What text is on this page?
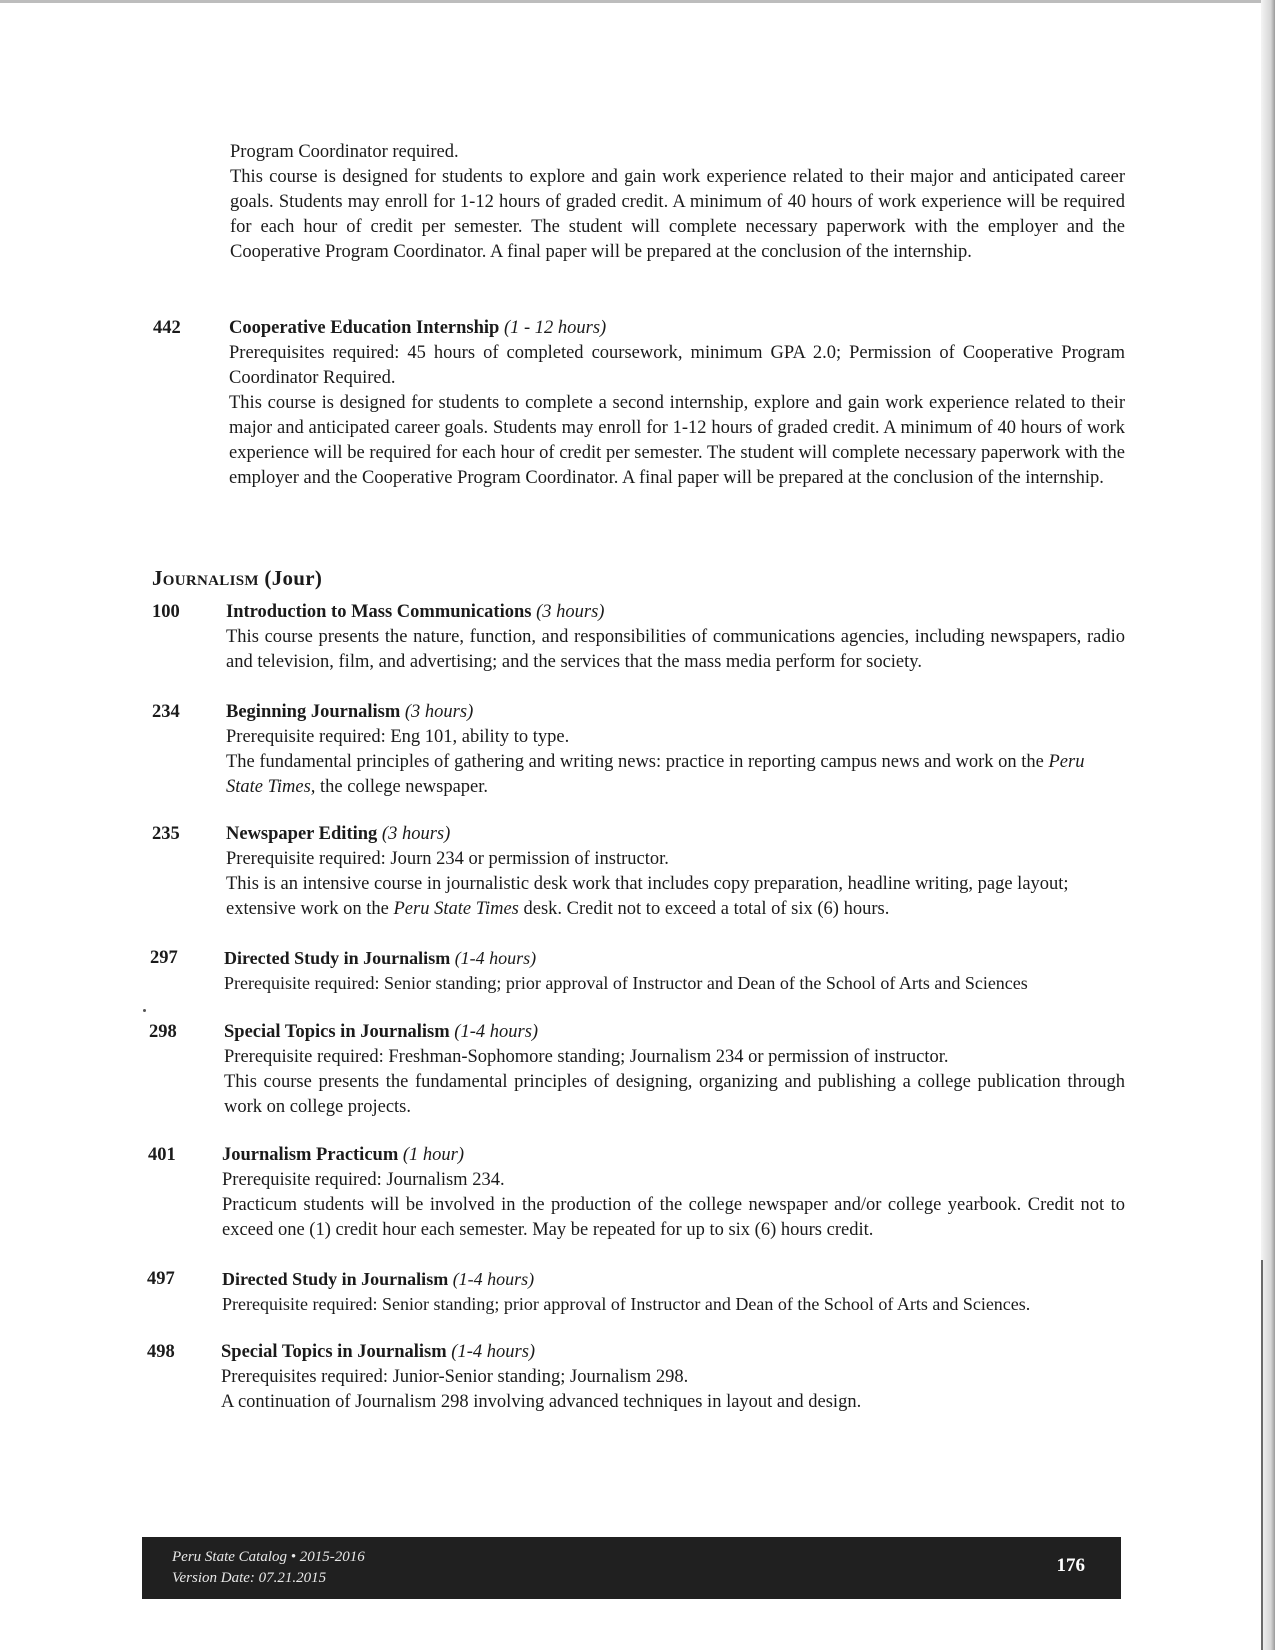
Program Coordinator required.
This course is designed for students to explore and gain work experience related to their major and anticipated career goals. Students may enroll for 1-12 hours of graded credit. A minimum of 40 hours of work experience will be required for each hour of credit per semester. The student will complete necessary paperwork with the employer and the Cooperative Program Coordinator. A final paper will be prepared at the conclusion of the internship.
442	Cooperative Education Internship (1 - 12 hours)

Prerequisites required: 45 hours of completed coursework, minimum GPA 2.0; Permission of Cooperative Program Coordinator Required.

This course is designed for students to complete a second internship, explore and gain work experience related to their major and anticipated career goals. Students may enroll for 1-12 hours of graded credit. A minimum of 40 hours of work experience will be required for each hour of credit per semester. The student will complete necessary paperwork with the employer and the Cooperative Program Coordinator. A final paper will be prepared at the conclusion of the internship.

Journalism (Jour)
100	Introduction to Mass Communications (3 hours)

This course presents the nature, function, and responsibilities of communications agencies, including newspapers, radio and television, film, and advertising; and the services that the mass media perform for society.

234	Beginning Journalism (3 hours)

Prerequisite required: Eng 101, ability to type.

The fundamental principles of gathering and writing news: practice in reporting campus news and work on the Peru State Times, the college newspaper.

235	Newspaper Editing (3 hours)

Prerequisite required: Journ 234 or permission of instructor.

This is an intensive course in journalistic desk work that includes copy preparation, headline writing, page layout; extensive work on the Peru State Times desk. Credit not to exceed a total of six (6) hours.

297	Directed Study in Journalism (1-4 hours)

Prerequisite required: Senior standing; prior approval of Instructor and Dean of the School of Arts and Sciences

298	Special Topics in Journalism (1-4 hours)

Prerequisite required: Freshman-Sophomore standing; Journalism 234 or permission of instructor.

This course presents the fundamental principles of designing, organizing and publishing a college publication through work on college projects.

401	Journalism Practicum (1 hour)

Prerequisite required: Journalism 234.

Practicum students will be involved in the production of the college newspaper and/or college yearbook. Credit not to exceed one (1) credit hour each semester. May be repeated for up to six (6) hours credit.

497	Directed Study in Journalism (1-4 hours)

Prerequisite required: Senior standing; prior approval of Instructor and Dean of the School of Arts and Sciences.

498	Special Topics in Journalism (1-4 hours)

Prerequisites required: Junior-Senior standing; Journalism 298.

A continuation of Journalism 298 involving advanced techniques in layout and design.

Peru State Catalog • 2015-2016
Version Date: 07.21.2015
176
